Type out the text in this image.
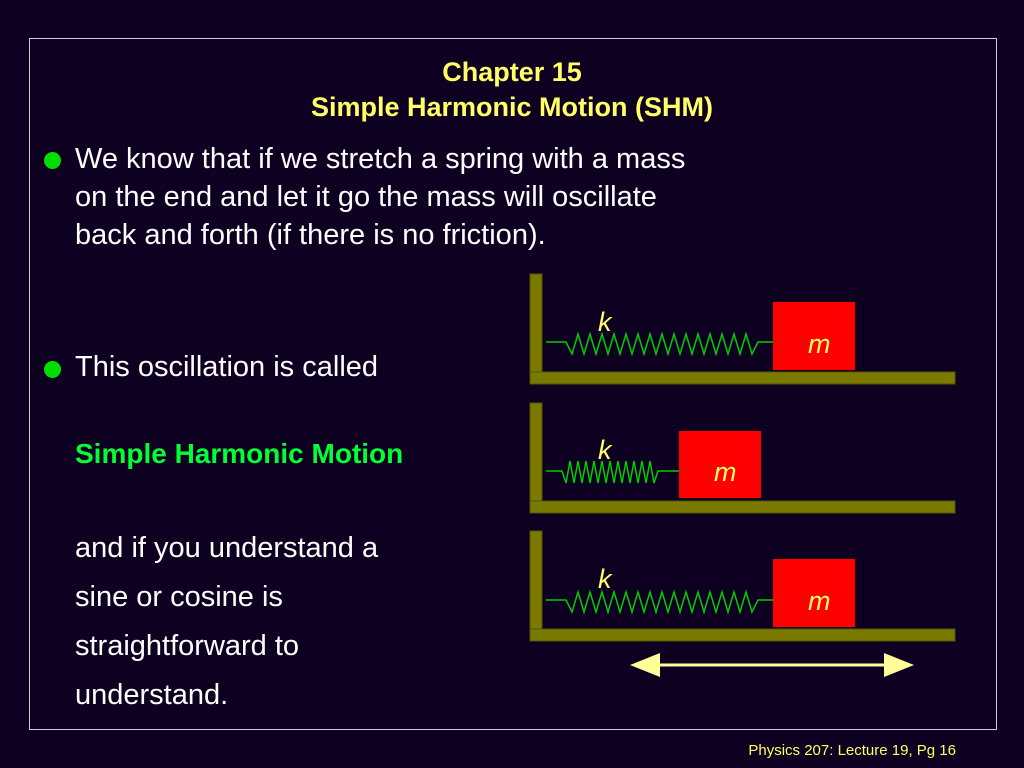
Chapter 15
Simple Harmonic Motion (SHM)
We know that if we stretch a spring with a mass
on the end and let it go the mass will oscillate
back and forth (if there is no friction).
This oscillation is called
Simple Harmonic Motion
and if you understand a
sine or cosine is
straightforward to
understand.
k
m
k
m
k
m
Physics 207: Lecture 19, Pg 16
